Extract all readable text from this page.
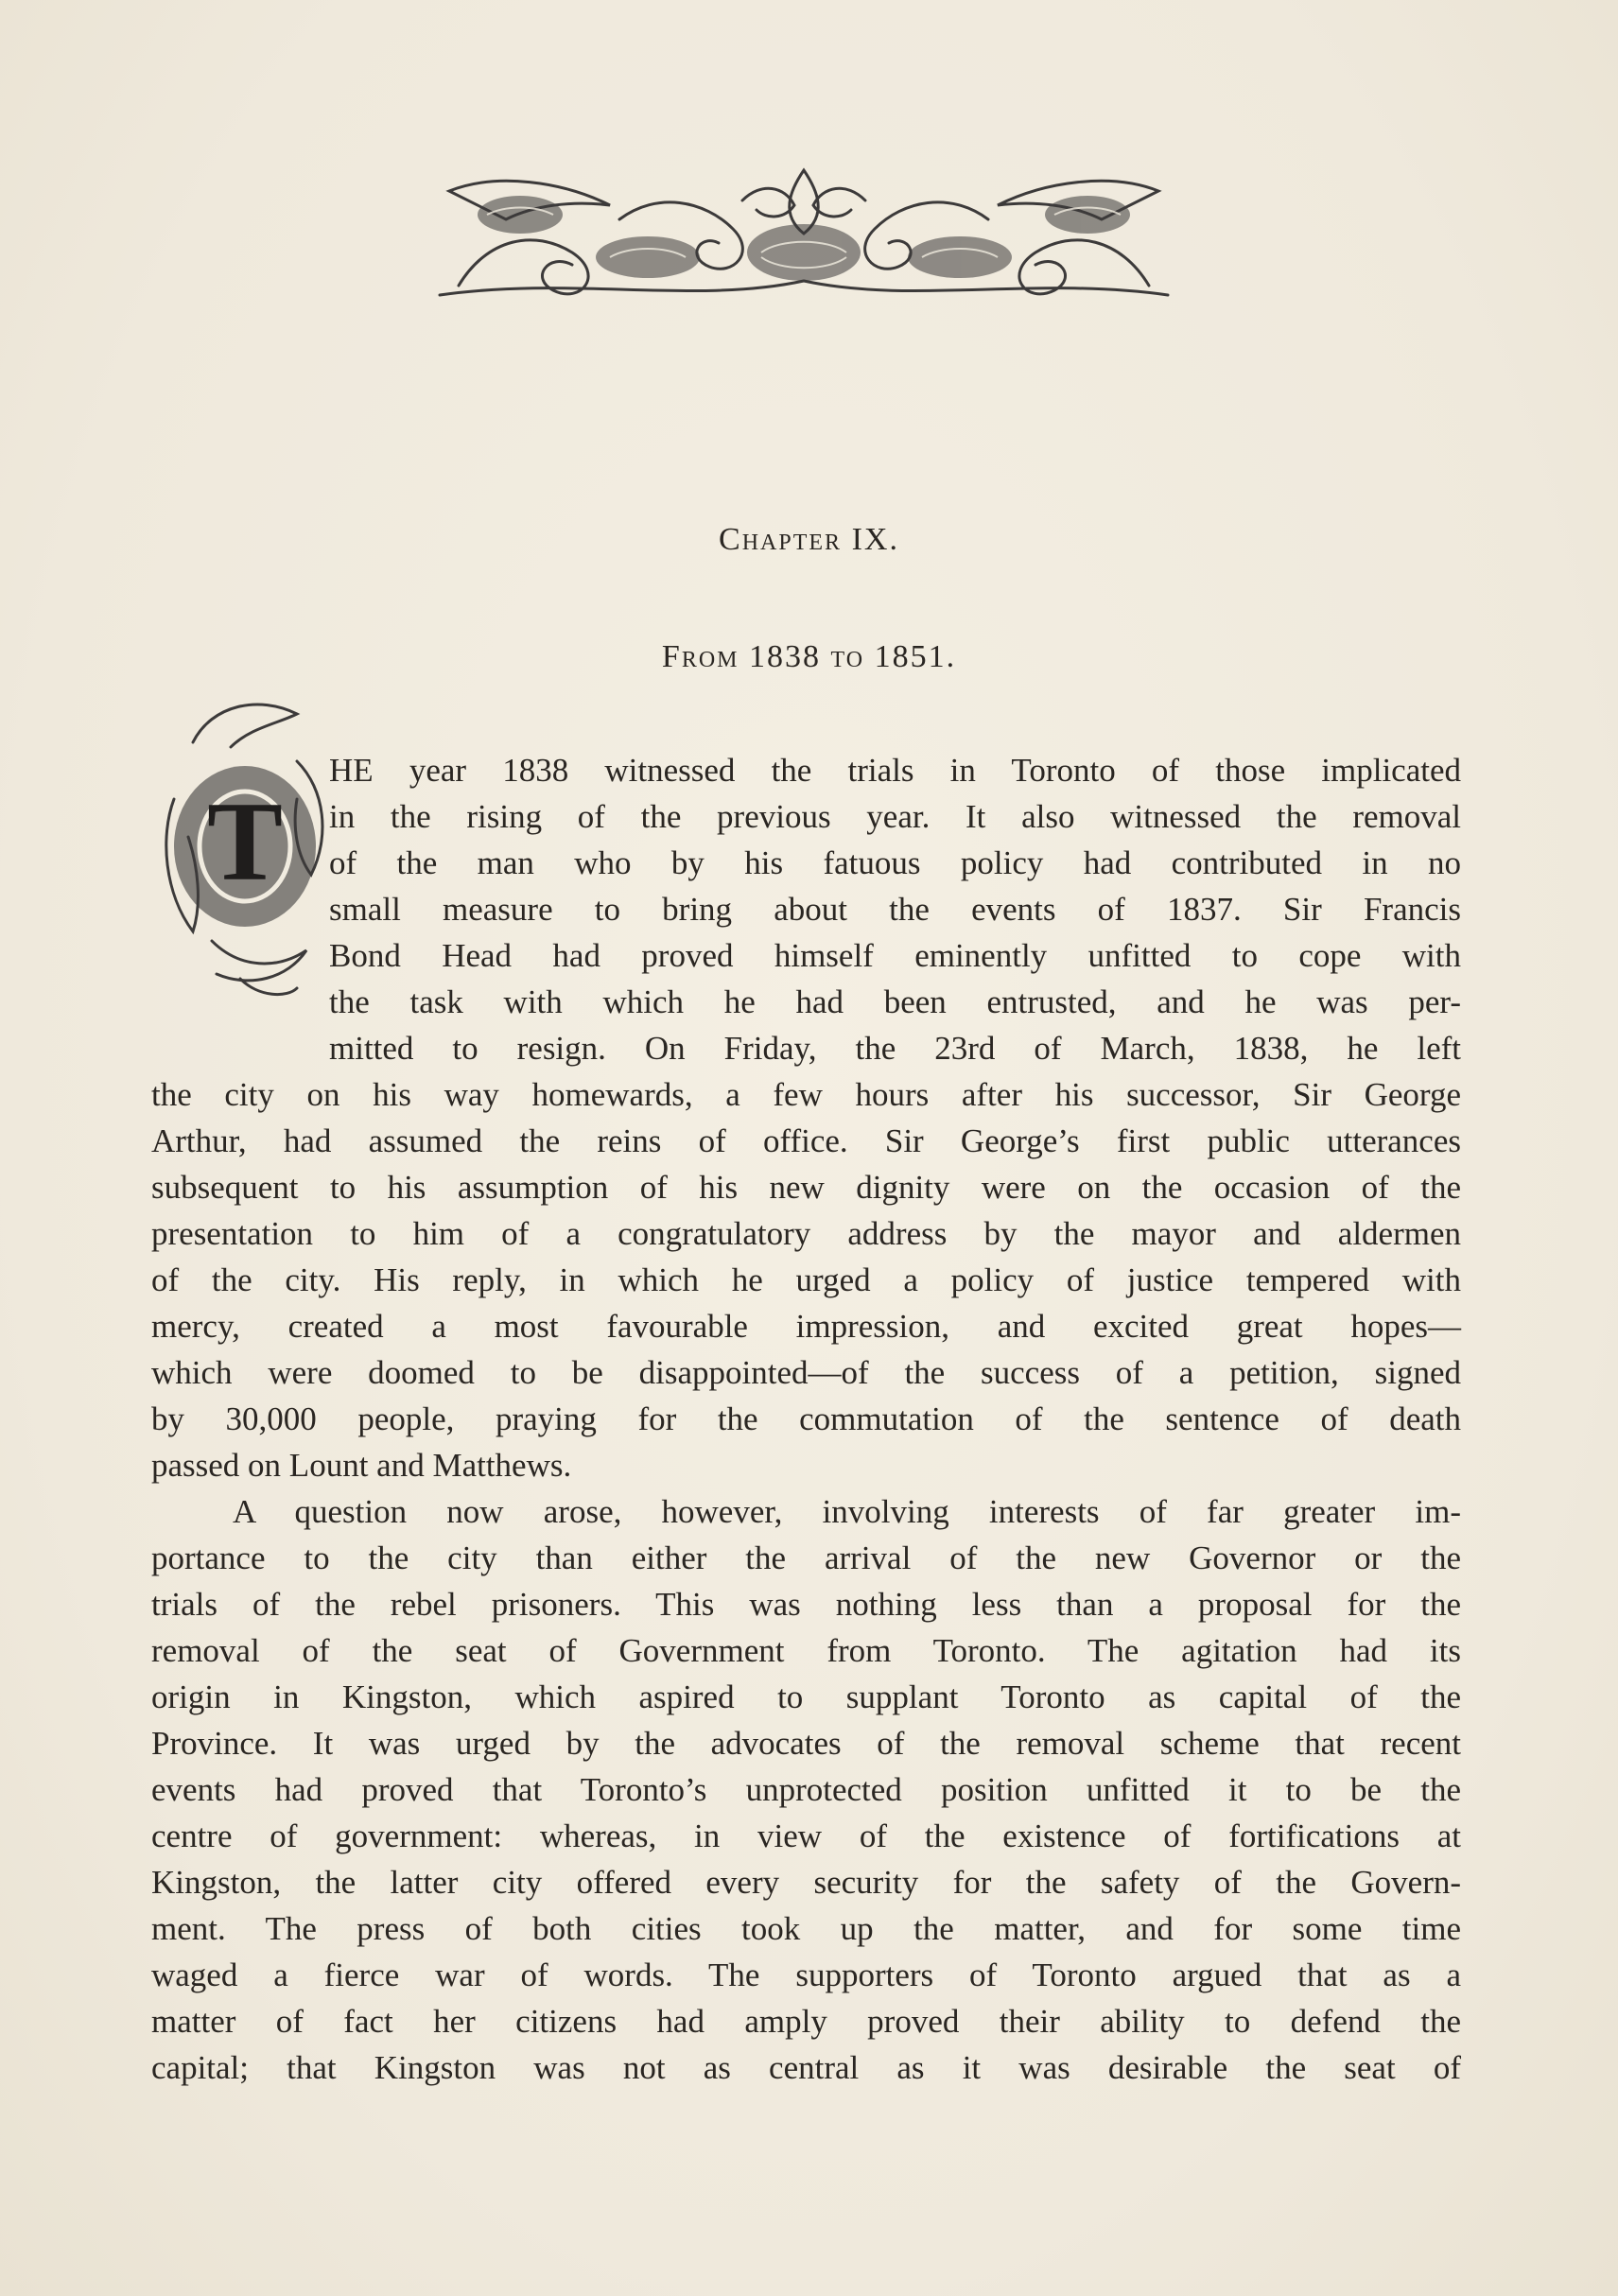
Chapter IX.
From 1838 to 1851.
T
HE year 1838 witnessed the trials in Toronto of those implicated
in the rising of the previous year. It also witnessed the removal
of the man who by his fatuous policy had contributed in no
small measure to bring about the events of 1837. Sir Francis
Bond Head had proved himself eminently unfitted to cope with
the task with which he had been entrusted, and he was per-
mitted to resign. On Friday, the 23rd of March, 1838, he left
the city on his way homewards, a few hours after his successor, Sir George
Arthur, had assumed the reins of office. Sir George’s first public utterances
subsequent to his assumption of his new dignity were on the occasion of the
presentation to him of a congratulatory address by the mayor and aldermen
of the city. His reply, in which he urged a policy of justice tempered with
mercy, created a most favourable impression, and excited great hopes—
which were doomed to be disappointed—of the success of a petition, signed
by 30,000 people, praying for the commutation of the sentence of death
passed on Lount and Matthews.
A question now arose, however, involving interests of far greater im-
portance to the city than either the arrival of the new Governor or the
trials of the rebel prisoners. This was nothing less than a proposal for the
removal of the seat of Government from Toronto. The agitation had its
origin in Kingston, which aspired to supplant Toronto as capital of the
Province. It was urged by the advocates of the removal scheme that recent
events had proved that Toronto’s unprotected position unfitted it to be the
centre of government: whereas, in view of the existence of fortifications at
Kingston, the latter city offered every security for the safety of the Govern-
ment. The press of both cities took up the matter, and for some time
waged a fierce war of words. The supporters of Toronto argued that as a
matter of fact her citizens had amply proved their ability to defend the
capital; that Kingston was not as central as it was desirable the seat of
